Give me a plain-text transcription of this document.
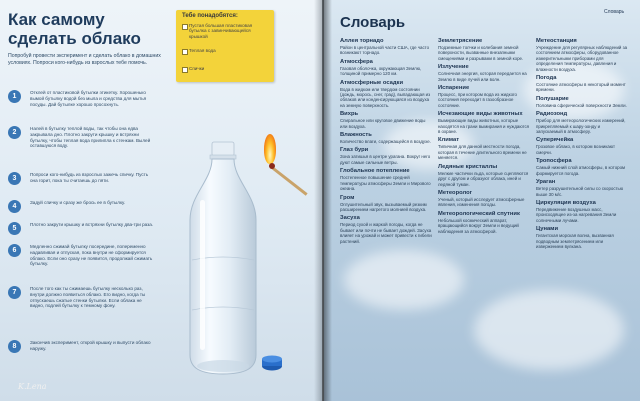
Как самому
сделать облако
Попробуй провести эксперимент и сделать облако в домашних условиях. Попроси кого-нибудь из взрослых тебе помочь.
Тебе понадобятся:
Пустая большая пластиковая бутылка с завинчивающейся крышкой
Теплая вода
Спички
1
Отклей от пластиковой бутылки этикетку. Хорошенько вымой бутылку водой без мыла и средства для мытья посуды. Дай бутылке хорошо просохнуть.
2
Налей в бутылку теплой воды, так чтобы она едва закрывала дно. Плотно закрути крышку и встряхни бутылку, чтобы теплая вода прилипла к стенкам. Вылей оставшуюся воду.
3
Попроси кого-нибудь из взрослых зажечь спичку. Пусть она горит, пока ты считаешь до пяти.
4
Задуй спичку и сразу же брось ее в бутылку.
5
Плотно закрути крышку и встряхни бутылку два-три раза.
6
Медленно сжимай бутылку посередине, попеременно надавливая и отпуская, пока внутри не сформируется облако. Если оно сразу не появится, продолжай сжимать бутылку.
7
После того как ты сжимаешь бутылку несколько раз, внутри должно появиться облако. Его видно, когда ты отпускаешь сжатые стенки бутылки. Если облака не видно, подлей бутылку к темному фону.
8
Закончив эксперимент, открой крышку и выпусти облако наружу.
K.Lena
Словарь
Словарь
Аллея торнадо
Район в центральной части США, где часто возникают торнадо.
Атмосфера
Газовая оболочка, окружающая Землю, толщиной примерно 120 км.
Атмосферные осадки
Вода в жидком или твердом состоянии (дождь, морось, снег, град), выпадающая из облаков или конденсирующаяся из воздуха на земную поверхность.
Вихрь
Спиральное или круговое движение воды или воздуха.
Влажность
Количество влаги, содержащейся в воздухе.
Глаз бури
Зона затишья в центре урагана. Вокруг него дуют самые сильные ветры.
Глобальное потепление
Постепенное повышение средней температуры атмосферы Земли и Мирового океана.
Гром
Оглушительный звук, вызываемый резким расширением нагретого молнией воздуха.
Засуха
Период сухой и жаркой погоды, когда не бывает или почти не бывает дождей. Засуха влияет на урожай и может привести к гибели растений.
Землетрясение
Подземные толчки и колебания земной поверхности, вызванные внезапными смещениями и разрывами в земной коре.
Излучение
Солнечная энергия, которая передается на Землю в виде лучей или волн.
Испарение
Процесс, при котором вода из жидкого состояния переходит в газообразное состояние.
Исчезающие виды животных
Вымирающие виды животных, которые находятся на грани вымирания и нуждаются в охране.
Климат
Типичная для данной местности погода, которая в течение длительного времени не меняется.
Ледяные кристаллы
Мелкие частички льда, которые сцепляются друг с другом и образуют облака, иней и ледяной туман.
Метеоролог
Ученый, который исследует атмосферные явления, изменения погоды.
Метеорологический спутник
Небольшой космический аппарат, вращающийся вокруг Земли и ведущий наблюдения за атмосферой.
Метеостанция
Учреждение для регулярных наблюдений за состоянием атмосферы, оборудованное измерительными приборами для определения температуры, давления и влажности воздуха.
Погода
Состояние атмосферы в некоторый момент времени.
Полушарие
Половина сферической поверхности Земли.
Радиозонд
Прибор для метеорологических измерений, прикрепляемый к шару-зонду и запускаемый в атмосферу.
Суперячейка
Грозовое облако, в котором возникают смерчи.
Тропосфера
Самый нижний слой атмосферы, в котором формируется погода.
Ураган
Ветер разрушительной силы со скоростью выше 30 м/с.
Циркуляция воздуха
Передвижение воздушных масс, происходящее из-за нагревания Земли солнечными лучами.
Цунами
Гигантская морская волна, вызванная подводным землетрясением или извержением вулкана.
